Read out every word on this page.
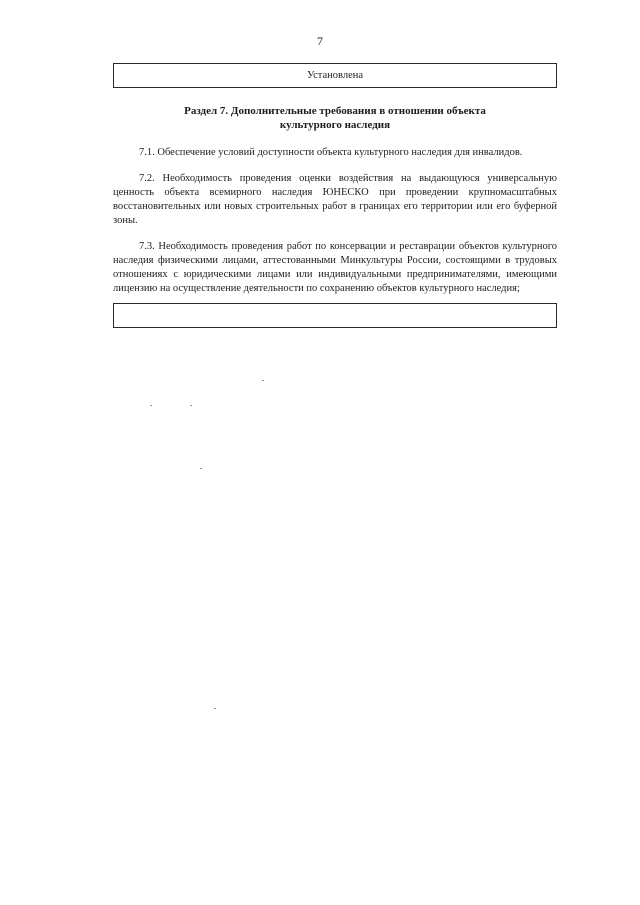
7
Установлена
Раздел 7. Дополнительные требования в отношении объекта
культурного наследия

7.1. Обеспечение условий доступности объекта культурного наследия для инвалидов.

7.2. Необходимость проведения оценки воздействия на выдающуюся универсальную ценность объекта всемирного наследия ЮНЕСКО при проведении крупномасштабных восстановительных или новых строительных работ в границах его территории или его буферной зоны.

7.3. Необходимость проведения работ по консервации и реставрации объектов культурного наследия физическими лицами, аттестованными Минкультуры России, состоящими в трудовых отношениях с юридическими лицами или индивидуальными предпринимателями, имеющими лицензию на осуществление деятельности по сохранению объектов культурного наследия;
